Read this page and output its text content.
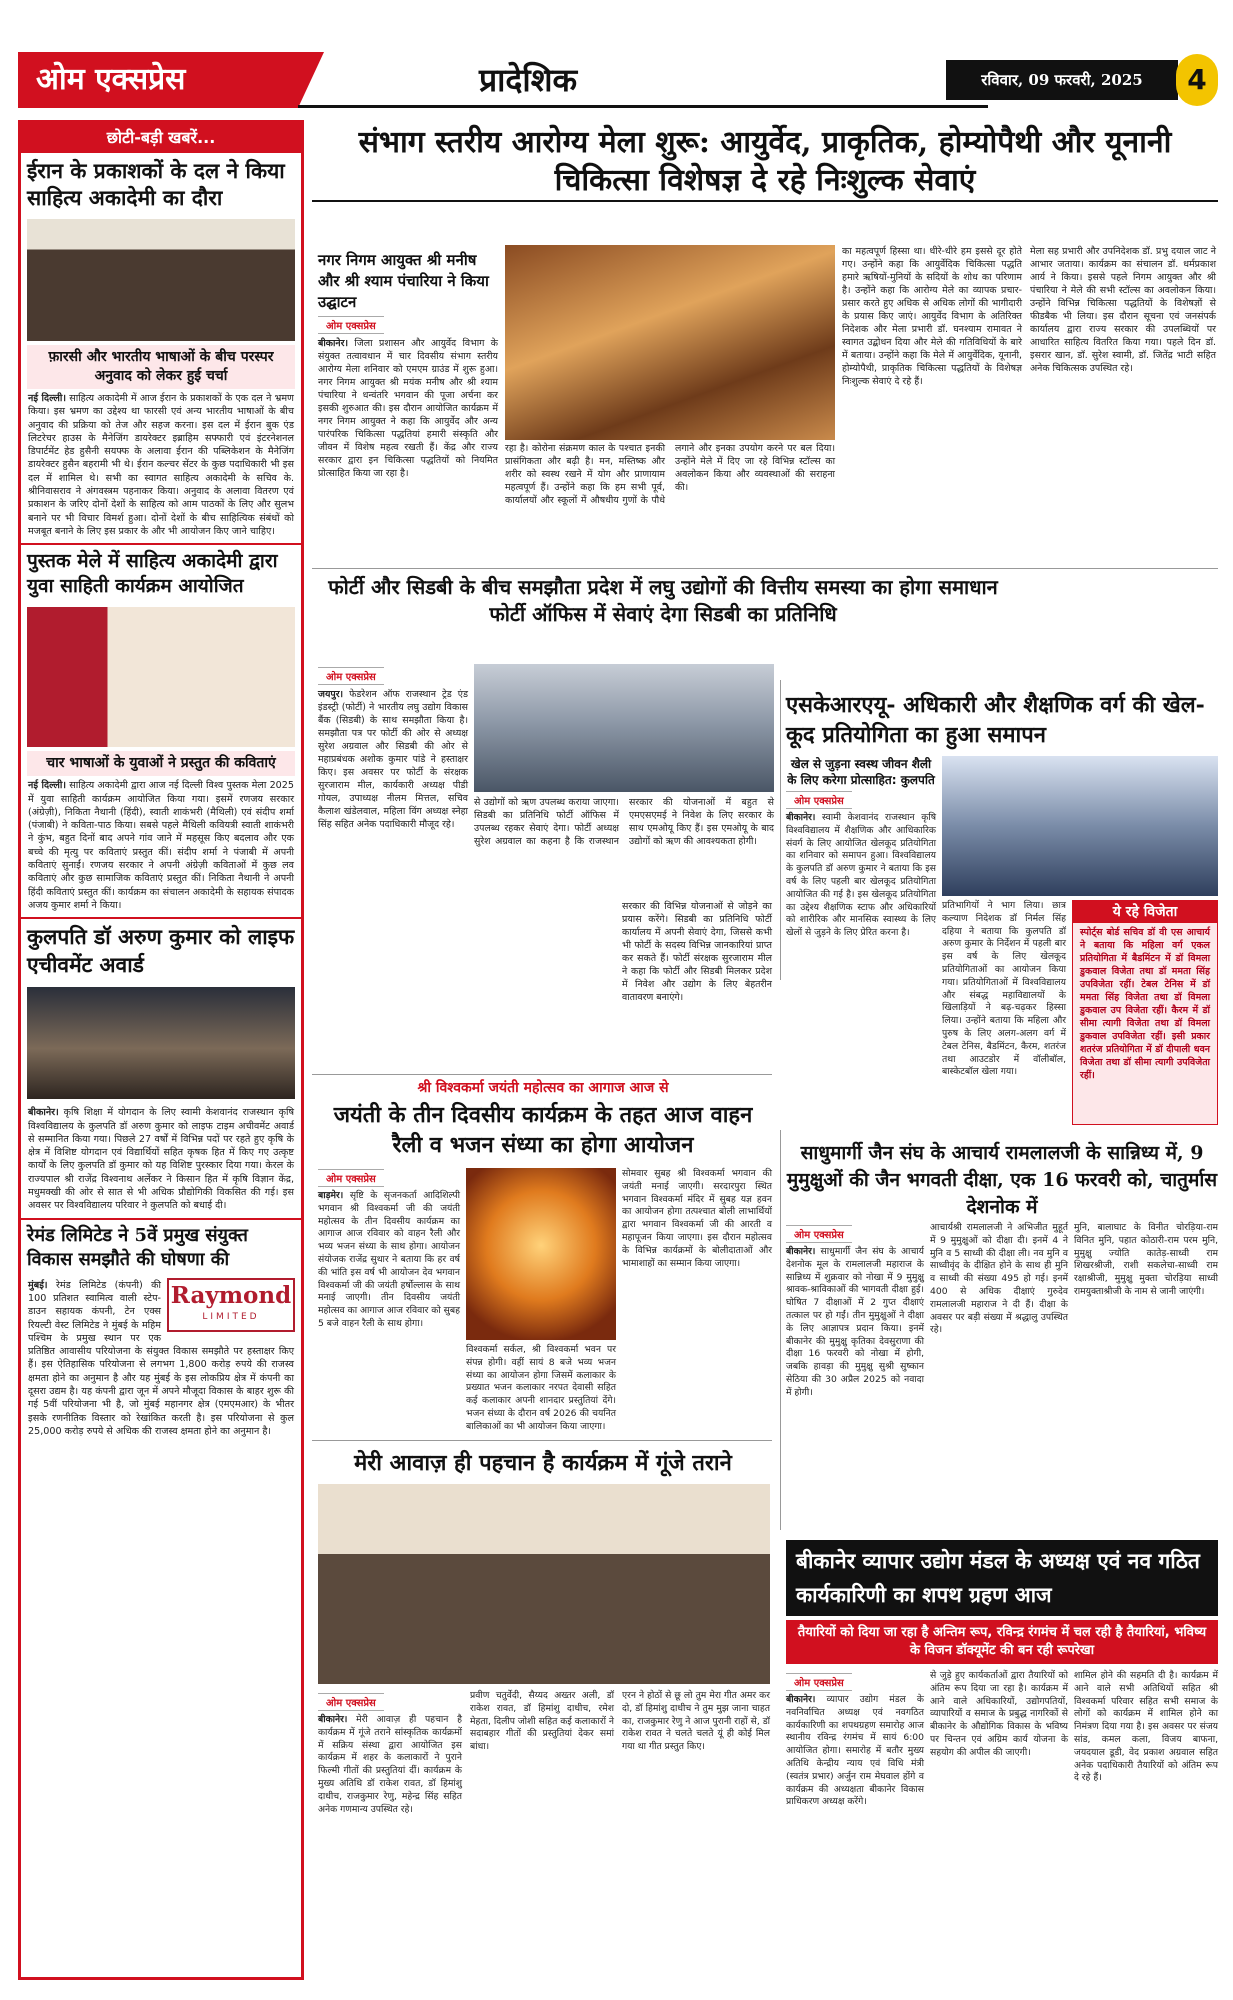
ओम एक्सप्रेस	प्रादेशिक	रविवार, 09 फरवरी, 2025	4
छोटी-बड़ी खबरें...
ईरान के प्रकाशकों के दल ने किया साहित्य अकादेमी का दौरा
फ़ारसी और भारतीय भाषाओं के बीच परस्पर अनुवाद को लेकर हुई चर्चा
नई दिल्ली। साहित्य अकादेमी में आज ईरान के प्रकाशकों के एक दल ने भ्रमण किया। इस भ्रमण का उद्देश्य था फारसी एवं अन्य भारतीय भाषाओं के बीच अनुवाद की प्रक्रिया को तेज और सहज करना। इस दल में ईरान बुक एंड लिटरेचर हाउस के मैनेजिंग डायरेक्टर इब्राहिम सफ्फारी एवं इंटरनेशनल डिपार्टमेंट हेड हुसैनी सयफ्फ के अलावा ईरान की पब्लिकेशन के मैनेजिंग डायरेक्टर हुसैन बहरामी भी थे। ईरान कल्चर सेंटर के कुछ पदाधिकारी भी इस दल में शामिल थे। सभी का स्वागत साहित्य अकादेमी के सचिव के. श्रीनिवासराव ने अंगवस्त्रम पहनाकर किया। अनुवाद के अलावा वितरण एवं प्रकाशन के जरिए दोनों देशों के साहित्य को आम पाठकों के लिए और सुलभ बनाने पर भी विचार विमर्श हुआ। दोनों देशों के बीच साहित्यिक संबंधों को मजबूत बनाने के लिए इस प्रकार के और भी आयोजन किए जाने चाहिए।
पुस्तक मेले में साहित्य अकादेमी द्वारा युवा साहिती कार्यक्रम आयोजित
चार भाषाओं के युवाओं ने प्रस्तुत की कविताएं
नई दिल्ली। साहित्य अकादेमी द्वारा आज नई दिल्ली विश्व पुस्तक मेला 2025 में युवा साहिती कार्यक्रम आयोजित किया गया। इसमें रणजय सरकार (अंग्रेज़ी), निकिता नैथानी (हिंदी), स्वाती शाकंभरी (मैथिली) एवं संदीप शर्मा (पंजाबी) ने कविता-पाठ किया। सबसे पहले मैथिली कवियत्री स्वाती शाकंभरी ने कुंभ, बहुत दिनों बाद अपने गांव जाने में महसूस किए बदलाव और एक बच्चे की मृत्यु पर कविताएं प्रस्तुत कीं। संदीप शर्मा ने पंजाबी में अपनी कविताएं सुनाईं। रणजय सरकार ने अपनी अंग्रेज़ी कविताओं में कुछ लव कविताएं और कुछ सामाजिक कविताएं प्रस्तुत कीं। निकिता नैथानी ने अपनी हिंदी कविताएं प्रस्तुत कीं। कार्यक्रम का संचालन अकादेमी के सहायक संपादक अजय कुमार शर्मा ने किया।
कुलपति डॉ अरुण कुमार को लाइफ एचीवमेंट अवार्ड
बीकानेर। कृषि शिक्षा में योगदान के लिए स्वामी केशवानंद राजस्थान कृषि विश्वविद्यालय के कुलपति डॉ अरुण कुमार को लाइफ टाइम अचीवमेंट अवार्ड से सम्मानित किया गया। पिछले 27 वर्षों में विभिन्न पदों पर रहते हुए कृषि के क्षेत्र में विशिष्ट योगदान एवं विद्यार्थियों सहित कृषक हित में किए गए उत्कृष्ट कार्यों के लिए कुलपति डॉ कुमार को यह विशिष्ट पुरस्कार दिया गया। केरल के राज्यपाल श्री राजेंद्र विश्वनाथ अर्लेकर ने किसान हित में कृषि विज्ञान केंद्र, मधुमक्खी की ओर से सात से भी अधिक प्रौद्योगिकी विकसित की गई। इस अवसर पर विश्वविद्यालय परिवार ने कुलपति को बधाई दी।
रेमंड लिमिटेड ने 5वें प्रमुख संयुक्त विकास समझौते की घोषणा की
Raymond
LIMITED
मुंबई। रेमंड लिमिटेड (कंपनी) की 100 प्रतिशत स्वामित्व वाली स्टेप-डाउन सहायक कंपनी, टेन एक्स रियल्टी वेस्ट लिमिटेड ने मुंबई के महिम पश्चिम के प्रमुख स्थान पर एक प्रतिष्ठित आवासीय परियोजना के संयुक्त विकास समझौते पर हस्ताक्षर किए हैं। इस ऐतिहासिक परियोजना से लगभग 1,800 करोड़ रुपये की राजस्व क्षमता होने का अनुमान है और यह मुंबई के इस लोकप्रिय क्षेत्र में कंपनी का दूसरा उद्यम है। यह कंपनी द्वारा जून में अपने मौजूदा विकास के बाहर शुरू की गई 5वीं परियोजना भी है, जो मुंबई महानगर क्षेत्र (एमएमआर) के भीतर इसके रणनीतिक विस्तार को रेखांकित करती है। इस परियोजना से कुल 25,000 करोड़ रुपये से अधिक की राजस्व क्षमता होने का अनुमान है।
संभाग स्तरीय आरोग्य मेला शुरू: आयुर्वेद, प्राकृतिक, होम्योपैथी और यूनानी चिकित्सा विशेषज्ञ दे रहे निःशुल्क सेवाएं
नगर निगम आयुक्त श्री मनीष और श्री श्याम पंचारिया ने किया उद्घाटन
ओम एक्सप्रेस
बीकानेर। जिला प्रशासन और आयुर्वेद विभाग के संयुक्त तत्वावधान में चार दिवसीय संभाग स्तरीय आरोग्य मेला शनिवार को एमएम ग्राउंड में शुरू हुआ। नगर निगम आयुक्त श्री मयंक मनीष और श्री श्याम पंचारिया ने धन्वंतरि भगवान की पूजा अर्चना कर इसकी शुरुआत की। इस दौरान आयोजित कार्यक्रम में नगर निगम आयुक्त ने कहा कि आयुर्वेद और अन्य पारंपरिक चिकित्सा पद्धतियां हमारी संस्कृति और जीवन में विशेष महत्व रखती हैं। केंद्र और राज्य सरकार द्वारा इन चिकित्सा पद्धतियों को नियमित प्रोत्साहित किया जा रहा है।
रहा है। कोरोना संक्रमण काल के पश्चात इनकी प्रासंगिकता और बढ़ी है। मन, मस्तिष्क और शरीर को स्वस्थ रखने में योग और प्राणायाम महत्वपूर्ण हैं। उन्होंने कहा कि हम सभी पूर्व, कार्यालयों और स्कूलों में औषधीय गुणों के पौधे लगाने और इनका उपयोग करने पर बल दिया। उन्होंने मेले में दिए जा रहे विभिन्न स्टॉल्स का अवलोकन किया और व्यवस्थाओं की सराहना की।
का महत्वपूर्ण हिस्सा था। धीरे-धीरे हम इससे दूर होते गए। उन्होंने कहा कि आयुर्वेदिक चिकित्सा पद्धति हमारे ऋषियों-मुनियों के सदियों के शोध का परिणाम है। उन्होंने कहा कि आरोग्य मेले का व्यापक प्रचार-प्रसार करते हुए अधिक से अधिक लोगों की भागीदारी के प्रयास किए जाएं। आयुर्वेद विभाग के अतिरिक्त निदेशक और मेला प्रभारी डॉ. घनश्याम रामावत ने स्वागत उद्बोधन दिया और मेले की गतिविधियों के बारे में बताया। उन्होंने कहा कि मेले में आयुर्वेदिक, यूनानी, होम्योपैथी, प्राकृतिक चिकित्सा पद्धतियों के विशेषज्ञ निःशुल्क सेवाएं दे रहे हैं।
मेला सह प्रभारी और उपनिदेशक डॉ. प्रभु दयाल जाट ने आभार जताया। कार्यक्रम का संचालन डॉ. धर्मप्रकाश आर्य ने किया। इससे पहले निगम आयुक्त और श्री पंचारिया ने मेले की सभी स्टॉल्स का अवलोकन किया। उन्होंने विभिन्न चिकित्सा पद्धतियों के विशेषज्ञों से फीडबैक भी लिया। इस दौरान सूचना एवं जनसंपर्क कार्यालय द्वारा राज्य सरकार की उपलब्धियों पर आधारित साहित्य वितरित किया गया। पहले दिन डॉ. इसरार खान, डॉ. सुरेश स्वामी, डॉ. जितेंद्र भाटी सहित अनेक चिकित्सक उपस्थित रहे।
फोर्टी और सिडबी के बीच समझौता प्रदेश में लघु उद्योगों की वित्तीय समस्या का होगा समाधान फोर्टी ऑफिस में सेवाएं देगा सिडबी का प्रतिनिधि
ओम एक्सप्रेस
जयपुर। फेडरेशन ऑफ राजस्थान ट्रेड एंड इंडस्ट्री (फोर्टी) ने भारतीय लघु उद्योग विकास बैंक (सिडबी) के साथ समझौता किया है। समझौता पत्र पर फोर्टी की ओर से अध्यक्ष सुरेश अग्रवाल और सिडबी की ओर से महाप्रबंधक अशोक कुमार पांडे ने हस्ताक्षर किए। इस अवसर पर फोर्टी के संरक्षक सुरजाराम मील, कार्यकारी अध्यक्ष पीडी गोयल, उपाध्यक्ष नीलम मित्तल, सचिव कैलाश खंडेलवाल, महिला विंग अध्यक्ष स्नेहा सिंह सहित अनेक पदाधिकारी मौजूद रहे।
से उद्योगों को ऋण उपलब्ध कराया जाएगा। सिडबी का प्रतिनिधि फोर्टी ऑफिस में उपलब्ध रहकर सेवाएं देगा। फोर्टी अध्यक्ष सुरेश अग्रवाल का कहना है कि राजस्थान सरकार की योजनाओं में बहुत से एमएसएमई ने निवेश के लिए सरकार के साथ एमओयू किए हैं। इस एमओयू के बाद उद्योगों को ऋण की आवश्यकता होगी।
एसकेआरएयू- अधिकारी और शैक्षणिक वर्ग की खेल-कूद प्रतियोगिता का हुआ समापन
खेल से जुड़ना स्वस्थ जीवन शैली के लिए करेगा प्रोत्साहित: कुलपति
ओम एक्सप्रेस
बीकानेर। स्वामी केशवानंद राजस्थान कृषि विश्वविद्यालय में शैक्षणिक और आधिकारिक संवर्ग के लिए आयोजित खेलकूद प्रतियोगिता का शनिवार को समापन हुआ। विश्वविद्यालय के कुलपति डॉ अरुण कुमार ने बताया कि इस वर्ष के लिए पहली बार खेलकूद प्रतियोगिता आयोजित की गई है। इस खेलकूद प्रतियोगिता का उद्देश्य शैक्षणिक स्टाफ और अधिकारियों को शारीरिक और मानसिक स्वास्थ्य के लिए खेलों से जुड़ने के लिए प्रेरित करना है।
प्रतिभागियों ने भाग लिया। छात्र कल्याण निदेशक डॉ निर्मल सिंह दहिया ने बताया कि कुलपति डॉ अरुण कुमार के निर्देशन में पहली बार इस वर्ष के लिए खेलकूद प्रतियोगिताओं का आयोजन किया गया। प्रतियोगिताओं में विश्वविद्यालय और संबद्ध महाविद्यालयों के खिलाड़ियों ने बढ़-चढ़कर हिस्सा लिया। उन्होंने बताया कि महिला और पुरुष के लिए अलग-अलग वर्ग में टेबल टेनिस, बैडमिंटन, कैरम, शतरंज तथा आउटडोर में वॉलीबॉल, बास्केटबॉल खेला गया।
ये रहे विजेता
स्पोर्ट्स बोर्ड सचिव डॉ वी एस आचार्य ने बताया कि महिला वर्ग एकल प्रतियोगिता में बैडमिंटन में डॉ विमला डुकवाल विजेता तथा डॉ ममता सिंह उपविजेता रहीं। टेबल टेनिस में डॉ ममता सिंह विजेता तथा डॉ विमला डुकवाल उप विजेता रहीं। कैरम में डॉ सीमा त्यागी विजेता तथा डॉ विमला डुकवाल उपविजेता रहीं। इसी प्रकार शतरंज प्रतियोगिता में डॉ दीपाली धवन विजेता तथा डॉ सीमा त्यागी उपविजेता रहीं।
श्री विश्वकर्मा जयंती महोत्सव का आगाज आज से
जयंती के तीन दिवसीय कार्यक्रम के तहत आज वाहन रैली व भजन संध्या का होगा आयोजन
ओम एक्सप्रेस
बाड़मेर। सृष्टि के सृजनकर्ता आदिशिल्पी भगवान श्री विश्वकर्मा जी की जयंती महोत्सव के तीन दिवसीय कार्यक्रम का आगाज आज रविवार को वाहन रैली और भव्य भजन संध्या के साथ होगा। आयोजन संयोजक राजेंद्र सुथार ने बताया कि हर वर्ष की भांति इस वर्ष भी आयोजन देव भगवान विश्वकर्मा जी की जयंती हर्षोल्लास के साथ मनाई जाएगी। तीन दिवसीय जयंती महोत्सव का आगाज आज रविवार को सुबह 5 बजे वाहन रैली के साथ होगा।
विश्वकर्मा सर्कल, श्री विश्वकर्मा भवन पर संपन्न होगी। वहीं सायं 8 बजे भव्य भजन संध्या का आयोजन होगा जिसमें कलाकार के प्रख्यात भजन कलाकार नरपत देवासी सहित कई कलाकार अपनी शानदार प्रस्तुतियां देंगे। भजन संध्या के दौरान वर्ष 2026 की चयनित बालिकाओं का भी आयोजन किया जाएगा।
सोमवार सुबह श्री विश्वकर्मा भगवान की जयंती मनाई जाएगी। सरदारपुरा स्थित भगवान विश्वकर्मा मंदिर में सुबह यज्ञ हवन का आयोजन होगा तत्पश्चात बोली लाभार्थियों द्वारा भगवान विश्वकर्मा जी की आरती व महापूजन किया जाएगा। इस दौरान महोत्सव के विभिन्न कार्यक्रमों के बोलीदाताओं और भामाशाहों का सम्मान किया जाएगा।
साधुमार्गी जैन संघ के आचार्य रामलालजी के सान्निध्य में, 9 मुमुक्षुओं की जैन भगवती दीक्षा, एक 16 फरवरी को, चातुर्मास देशनोक में
ओम एक्सप्रेस
बीकानेर। साधुमार्गी जैन संघ के आचार्य देशनोक मूल के रामलालजी महाराज के सान्निध्य में शुक्रवार को नोखा में 9 मुमुक्षु श्रावक-श्राविकाओं की भागवती दीक्षा हुई। घोषित 7 दीक्षाओं में 2 गुप्त दीक्षाएं तत्काल पर हो गईं। तीन मुमुक्षुओं ने दीक्षा के लिए आज्ञापत्र प्रदान किया। इनमें बीकानेर की मुमुक्षु कृतिका देवसुराणा की दीक्षा 16 फरवरी को नोखा में होगी, जबकि हावड़ा की मुमुक्षु सुश्री सुष्कान सेठिया की 30 अप्रैल 2025 को नवादा में होगी।
आचार्यश्री रामलालजी ने अभिजीत मुहूर्त में 9 मुमुक्षुओं को दीक्षा दी। इनमें 4 ने मुनि व 5 साध्वी की दीक्षा ली। नव मुनि व साध्वीवृंद के दीक्षित होने के साथ ही मुनि व साध्वी की संख्या 495 हो गई। इनमें 400 से अधिक दीक्षाएं गुरुदेव रामलालजी महाराज ने दी हैं। दीक्षा के अवसर पर बड़ी संख्या में श्रद्धालु उपस्थित रहे।
मुनि, बालाघाट के विनीत चोरड़िया-राम विनित मुनि, पहात कोठारी-राम परम मुनि, मुमुक्षु ज्योति कातेड़-साध्वी राम शिखरश्रीजी, राशी सकलेचा-साध्वी राम रक्षाश्रीजी, मुमुक्षु मुक्ता चोरड़िया साध्वी रामयुक्ताश्रीजी के नाम से जानी जाएंगी।
मेरी आवाज़ ही पहचान है कार्यक्रम में गूंजे तराने
ओम एक्सप्रेस
बीकानेर। मेरी आवाज़ ही पहचान है कार्यक्रम में गूंजे तराने सांस्कृतिक कार्यक्रमों में सक्रिय संस्था द्वारा आयोजित इस कार्यक्रम में शहर के कलाकारों ने पुराने फिल्मी गीतों की प्रस्तुतियां दीं। कार्यक्रम के मुख्य अतिथि डॉ राकेश रावत, डॉ हिमांशु दाधीच, राजकुमार रेणु, महेन्द्र सिंह सहित अनेक गणमान्य उपस्थित रहे।
प्रवीण चतुर्वेदी, सैय्यद अख्तर अली, डॉ राकेश रावत, डॉ हिमांशु दाधीच, रमेश मेहता, दिलीप जोशी सहित कई कलाकारों ने सदाबहार गीतों की प्रस्तुतियां देकर समां बांधा।
एरन ने होठों से छू लो तुम मेरा गीत अमर कर दो, डॉ हिमांशु दाधीच ने तुम मुझ जाना चाहत का, राजकुमार रेणु ने आज पुरानी राहों से, डॉ राकेश रावत ने चलते चलते यूं ही कोई मिल गया था गीत प्रस्तुत किए।
बीकानेर व्यापार उद्योग मंडल के अध्यक्ष एवं नव गठित कार्यकारिणी का शपथ ग्रहण आज
तैयारियों को दिया जा रहा है अन्तिम रूप, रविन्द्र रंगमंच में चल रही है तैयारियां, भविष्य के विजन डॉक्यूमेंट की बन रही रूपरेखा
ओम एक्सप्रेस
बीकानेर। व्यापार उद्योग मंडल के नवनिर्वाचित अध्यक्ष एवं नवगठित कार्यकारिणी का शपथग्रहण समारोह आज स्थानीय रविन्द्र रंगमंच में सायं 6:00 आयोजित होगा। समारोह में बतौर मुख्य अतिथि केन्द्रीय न्याय एवं विधि मंत्री (स्वतंत्र प्रभार) अर्जुन राम मेघवाल होंगे व कार्यक्रम की अध्यक्षता बीकानेर विकास प्राधिकरण अध्यक्ष करेंगे।
से जुड़े हुए कार्यकर्ताओं द्वारा तैयारियों को अंतिम रूप दिया जा रहा है। कार्यक्रम में आने वाले अधिकारियों, उद्योगपतियों, व्यापारियों व समाज के प्रबुद्ध नागरिकों से बीकानेर के औद्योगिक विकास के भविष्य पर चिन्तन एवं अग्रिम कार्य योजना के सहयोग की अपील की जाएगी।
शामिल होने की सहमति दी है। कार्यक्रम में आने वाले सभी अतिथियों सहित श्री विश्वकर्मा परिवार सहित सभी समाज के लोगों को कार्यक्रम में शामिल होने का निमंत्रण दिया गया है। इस अवसर पर संजय सांड, कमल कला, विजय बाफना, जयदयाल डूडी, वेद प्रकाश अग्रवाल सहित अनेक पदाधिकारी तैयारियों को अंतिम रूप दे रहे हैं।
सरकार की विभिन्न योजनाओं से जोड़ने का प्रयास करेंगे। सिडबी का प्रतिनिधि फोर्टी कार्यालय में अपनी सेवाएं देगा, जिससे कभी भी फोर्टी के सदस्य विभिन्न जानकारियां प्राप्त कर सकते हैं। फोर्टी संरक्षक सुरजाराम मील ने कहा कि फोर्टी और सिडबी मिलकर प्रदेश में निवेश और उद्योग के लिए बेहतरीन वातावरण बनाएंगे।
